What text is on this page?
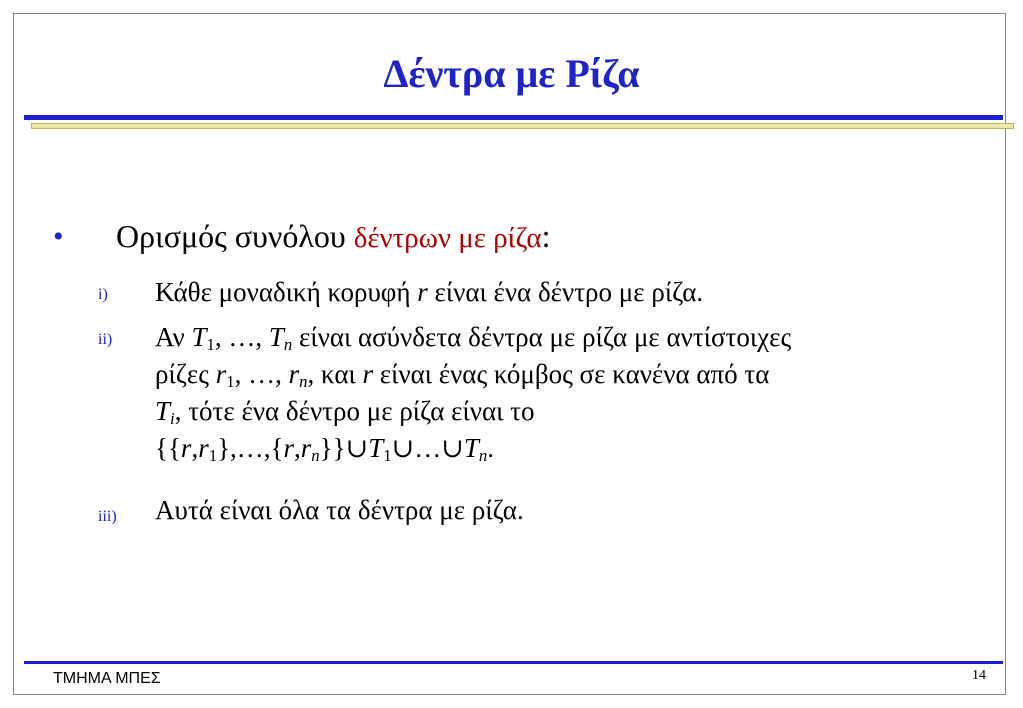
Δέντρα με Ρίζα
• Ορισμός συνόλου δέντρων με ρίζα:
i) Κάθε μοναδική κορυφή r είναι ένα δέντρο με ρίζα.
ii) Αν $T_1$, …, $T_n$ είναι ασύνδετα δέντρα με ρίζα με αντίστοιχες
ρίζες $r_1$, …, $r_n$, και r είναι ένας κόμβος σε κανένα από τα
$T_i$, τότε ένα δέντρο με ρίζα είναι το
$\{\{r,r_1\},\dots,\{r,r_n\}\}\cup T_1\cup\dots\cup T_n$.
iii) Αυτά είναι όλα τα δέντρα με ρίζα.
ΤΜΗΜΑ ΜΠΕΣ	14
